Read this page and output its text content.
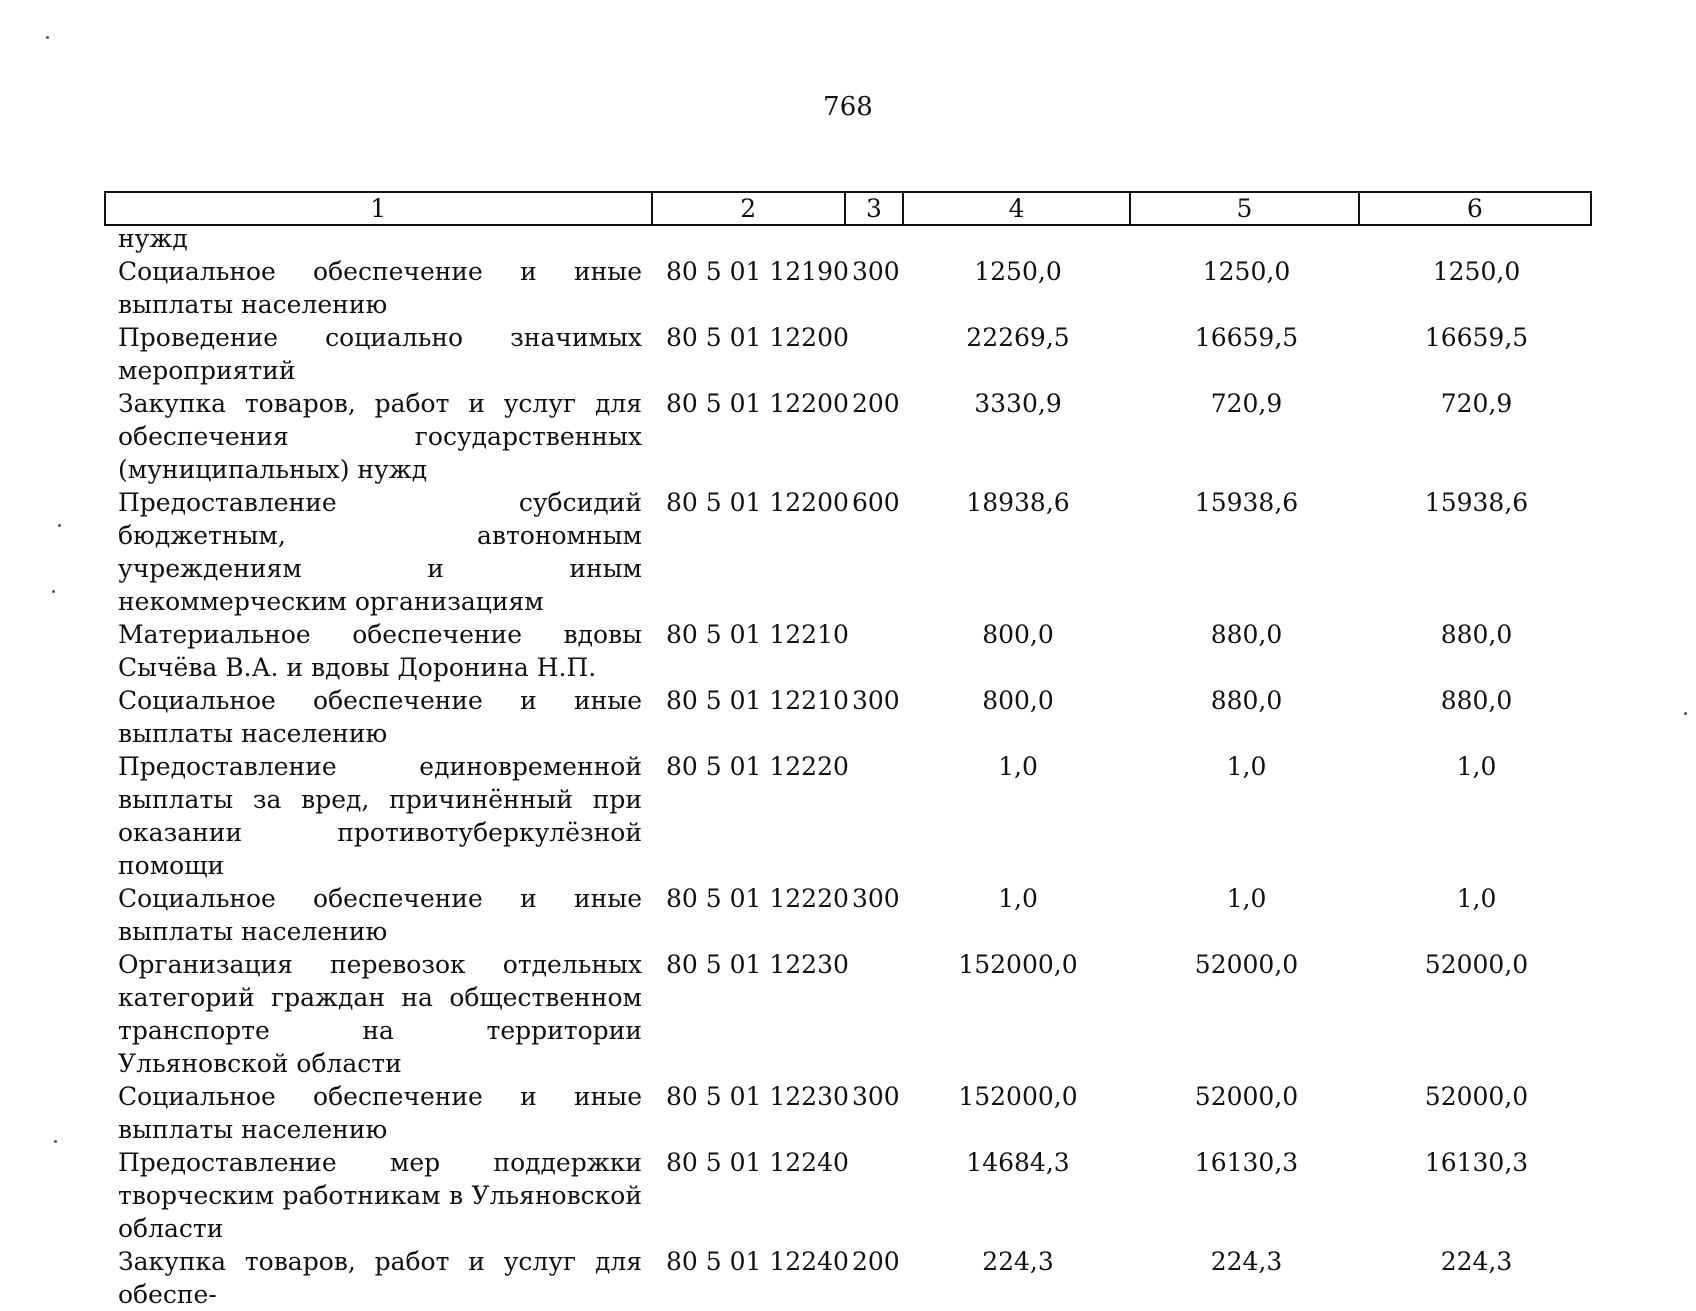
768
1	2	3	4	5	6
нужд
Социальное обеспечение и иные выплаты населению
80 5 01 12190 300	1250,0	1250,0	1250,0
Проведение социально значимых мероприятий
80 5 01 12200	22269,5	16659,5	16659,5
Закупка товаров, работ и услуг для обеспечения государственных (муниципальных) нужд
80 5 01 12200 200	3330,9	720,9	720,9
Предоставление субсидий бюджетным, автономным учреждениям и иным некоммерческим организациям
80 5 01 12200 600	18938,6	15938,6	15938,6
Материальное обеспечение вдовы Сычёва В.А. и вдовы Доронина Н.П.
80 5 01 12210	800,0	880,0	880,0
Социальное обеспечение и иные выплаты населению
80 5 01 12210 300	800,0	880,0	880,0
Предоставление единовременной выплаты за вред, причинённый при оказании противотуберкулёзной помощи
80 5 01 12220	1,0	1,0	1,0
Социальное обеспечение и иные выплаты населению
80 5 01 12220 300	1,0	1,0	1,0
Организация перевозок отдельных категорий граждан на общественном транспорте на территории Ульяновской области
80 5 01 12230	152000,0	52000,0	52000,0
Социальное обеспечение и иные выплаты населению
80 5 01 12230 300	152000,0	52000,0	52000,0
Предоставление мер поддержки творческим работникам в Ульяновской области
80 5 01 12240	14684,3	16130,3	16130,3
Закупка товаров, работ и услуг для обеспе-
80 5 01 12240 200	224,3	224,3	224,3
